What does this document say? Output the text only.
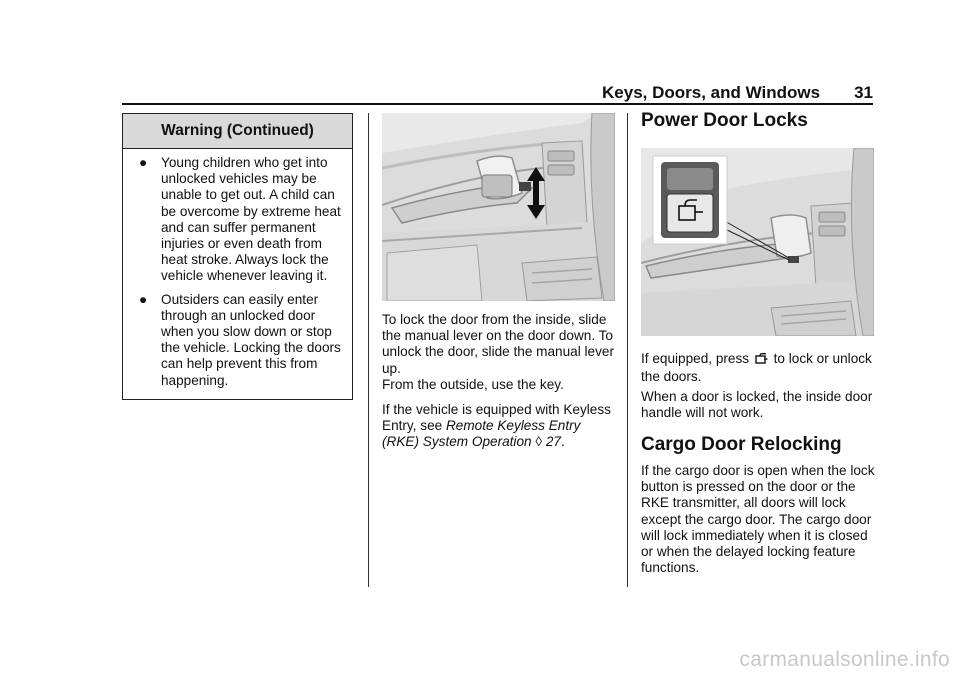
Keys, Doors, and Windows 31
Warning (Continued)
● Young children who get into unlocked vehicles may be unable to get out. A child can be overcome by extreme heat and can suffer permanent injuries or even death from heat stroke. Always lock the vehicle whenever leaving it.
● Outsiders can easily enter through an unlocked door when you slow down or stop the vehicle. Locking the doors can help prevent this from happening.

To lock the door from the inside, slide the manual lever on the door down. To unlock the door, slide the manual lever up.

From the outside, use the key.

If the vehicle is equipped with Keyless Entry, see Remote Keyless Entry (RKE) System Operation ◊ 27.

Power Door Locks

If equipped, press  to lock or unlock the doors.

When a door is locked, the inside door handle will not work.

Cargo Door Relocking

If the cargo door is open when the lock button is pressed on the door or the RKE transmitter, all doors will lock except the cargo door. The cargo door will lock immediately when it is closed or when the delayed locking feature functions.

carmanualsonline.info
